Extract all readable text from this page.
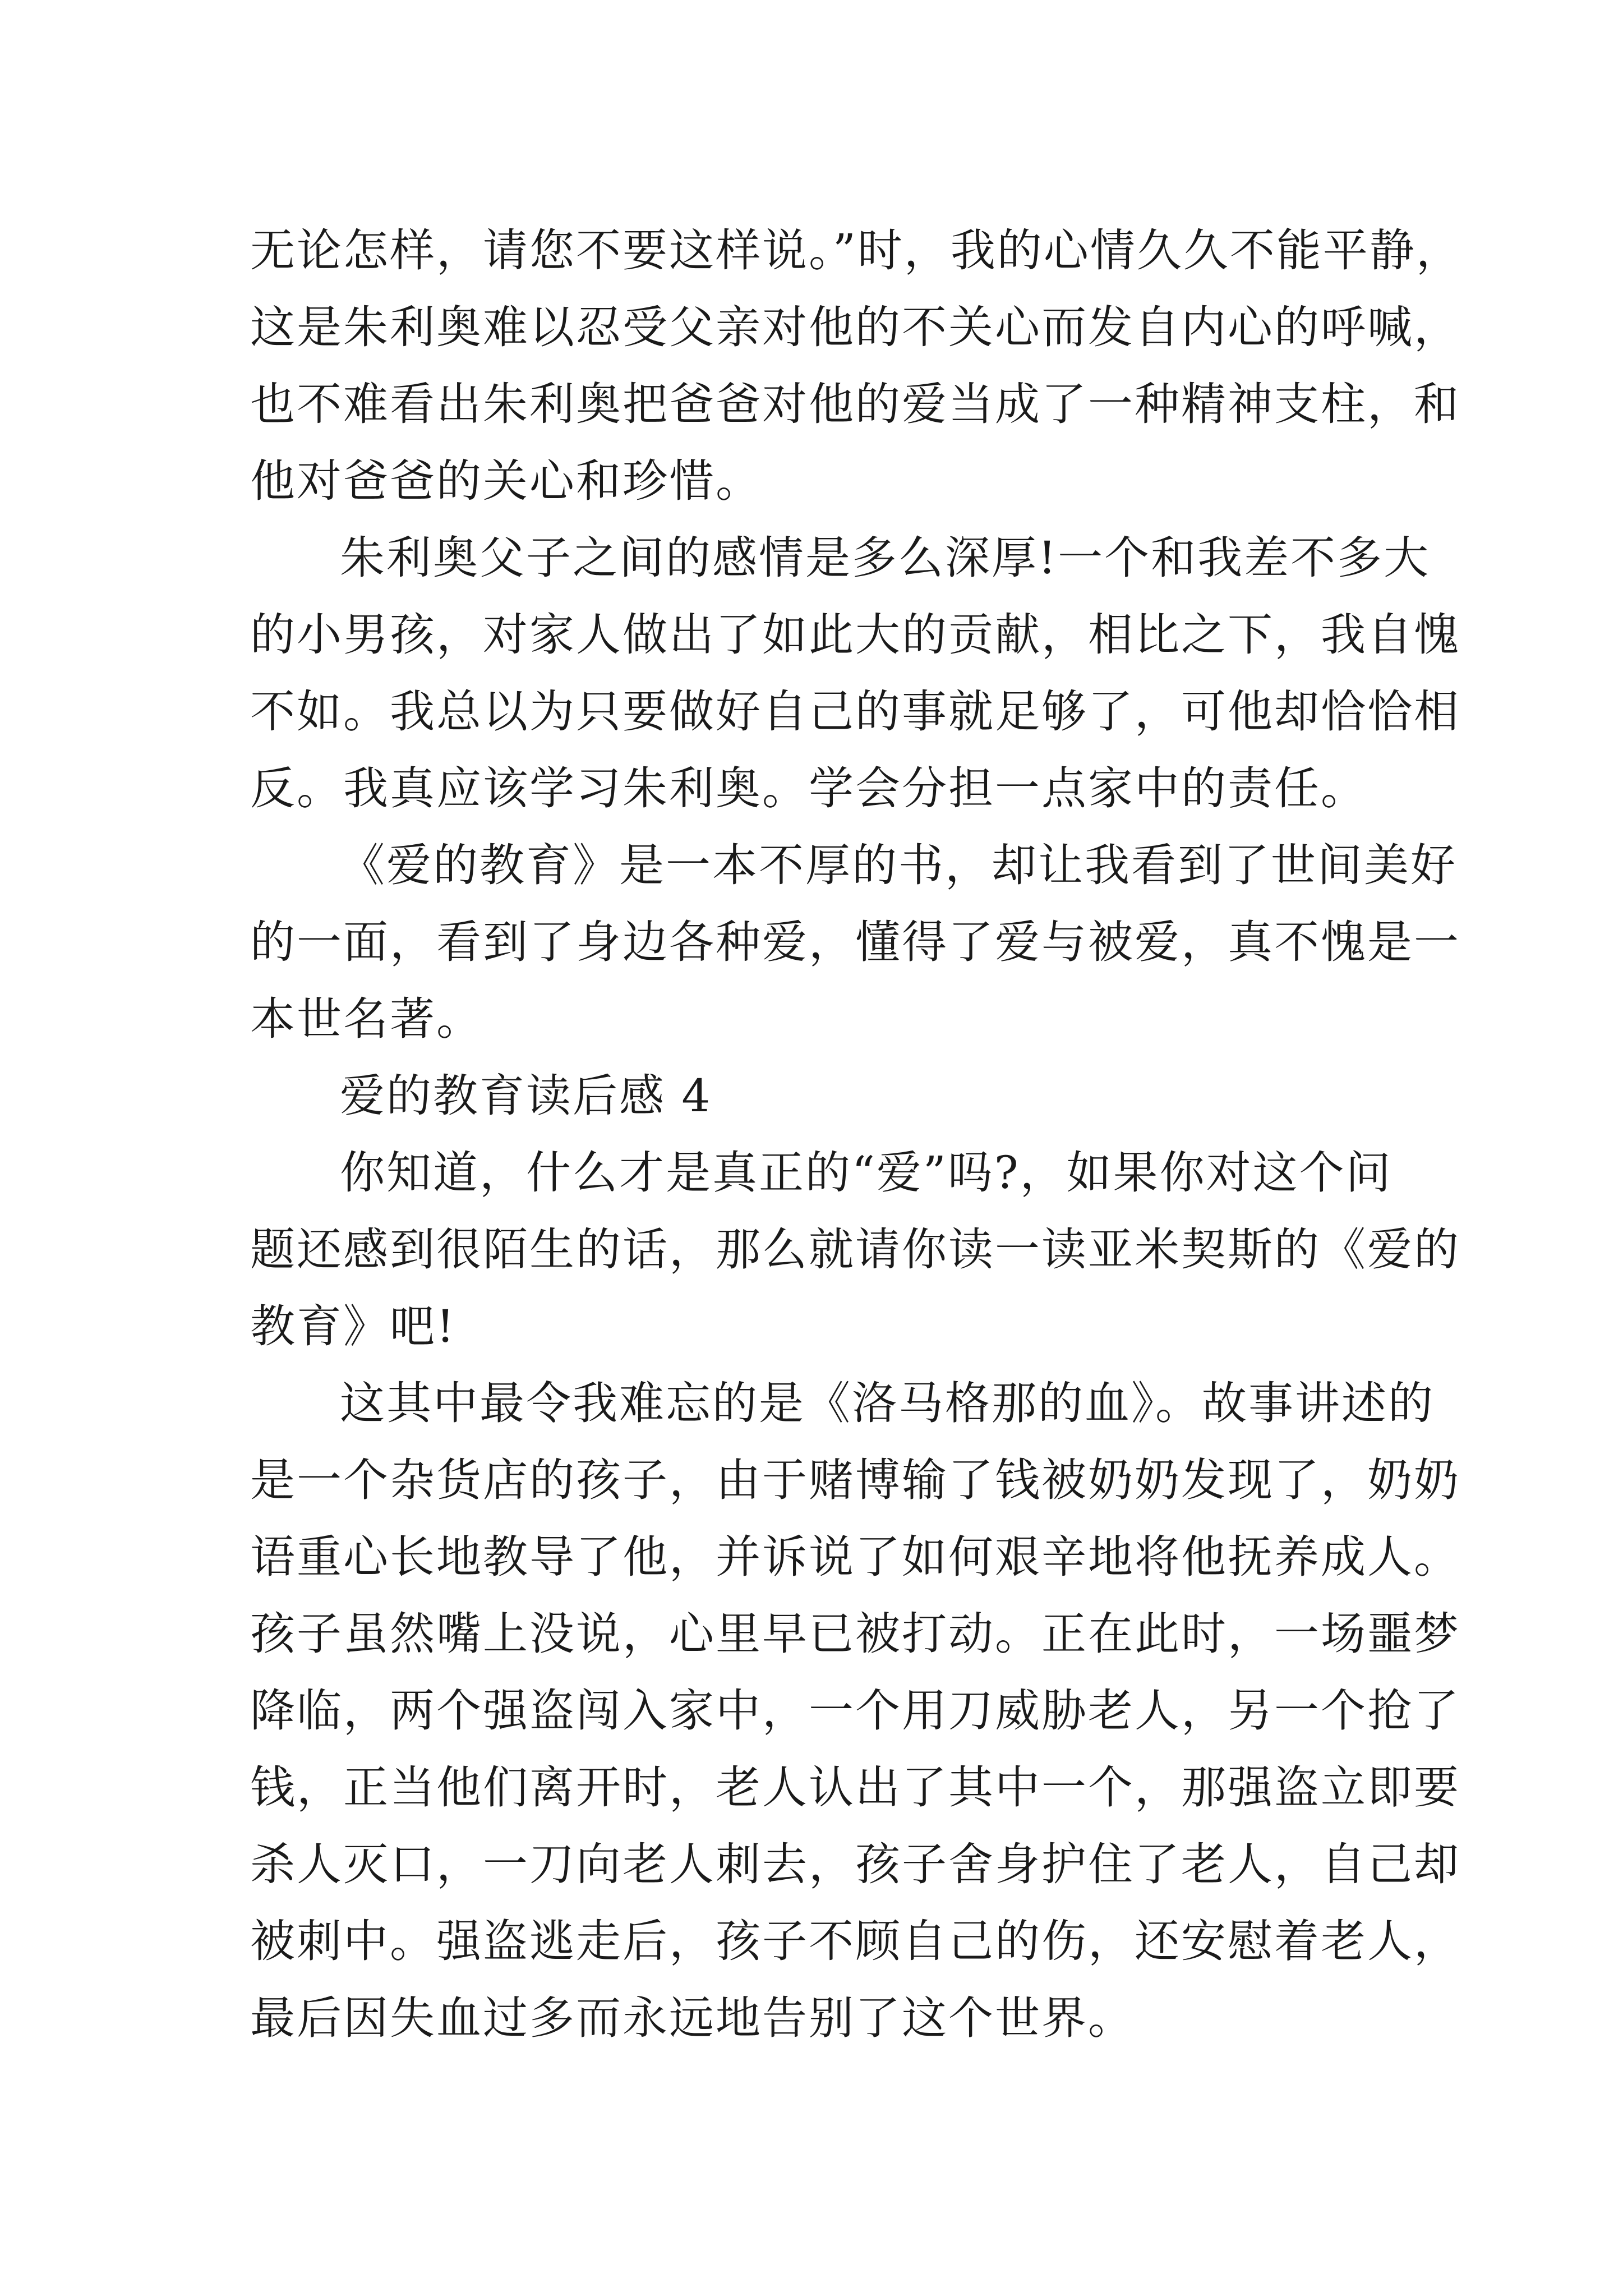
无论怎样，请您不要这样说。”时，我的心情久久不能平静，
这是朱利奥难以忍受父亲对他的不关心而发自内心的呼喊，
也不难看出朱利奥把爸爸对他的爱当成了一种精神支柱，和
他对爸爸的关心和珍惜。
朱利奥父子之间的感情是多么深厚!一个和我差不多大
的小男孩，对家人做出了如此大的贡献，相比之下，我自愧
不如。我总以为只要做好自己的事就足够了，可他却恰恰相
反。我真应该学习朱利奥。学会分担一点家中的责任。
《爱的教育》是一本不厚的书，却让我看到了世间美好
的一面，看到了身边各种爱，懂得了爱与被爱，真不愧是一
本世名著。
爱的教育读后感 4
你知道，什么才是真正的“爱”吗?，如果你对这个问
题还感到很陌生的话，那么就请你读一读亚米契斯的《爱的
教育》吧!
这其中最令我难忘的是《洛马格那的血》。故事讲述的
是一个杂货店的孩子，由于赌博输了钱被奶奶发现了，奶奶
语重心长地教导了他，并诉说了如何艰辛地将他抚养成人。
孩子虽然嘴上没说，心里早已被打动。正在此时，一场噩梦
降临，两个强盗闯入家中，一个用刀威胁老人，另一个抢了
钱，正当他们离开时，老人认出了其中一个，那强盗立即要
杀人灭口，一刀向老人刺去，孩子舍身护住了老人，自己却
被刺中。强盗逃走后，孩子不顾自己的伤，还安慰着老人，
最后因失血过多而永远地告别了这个世界。
